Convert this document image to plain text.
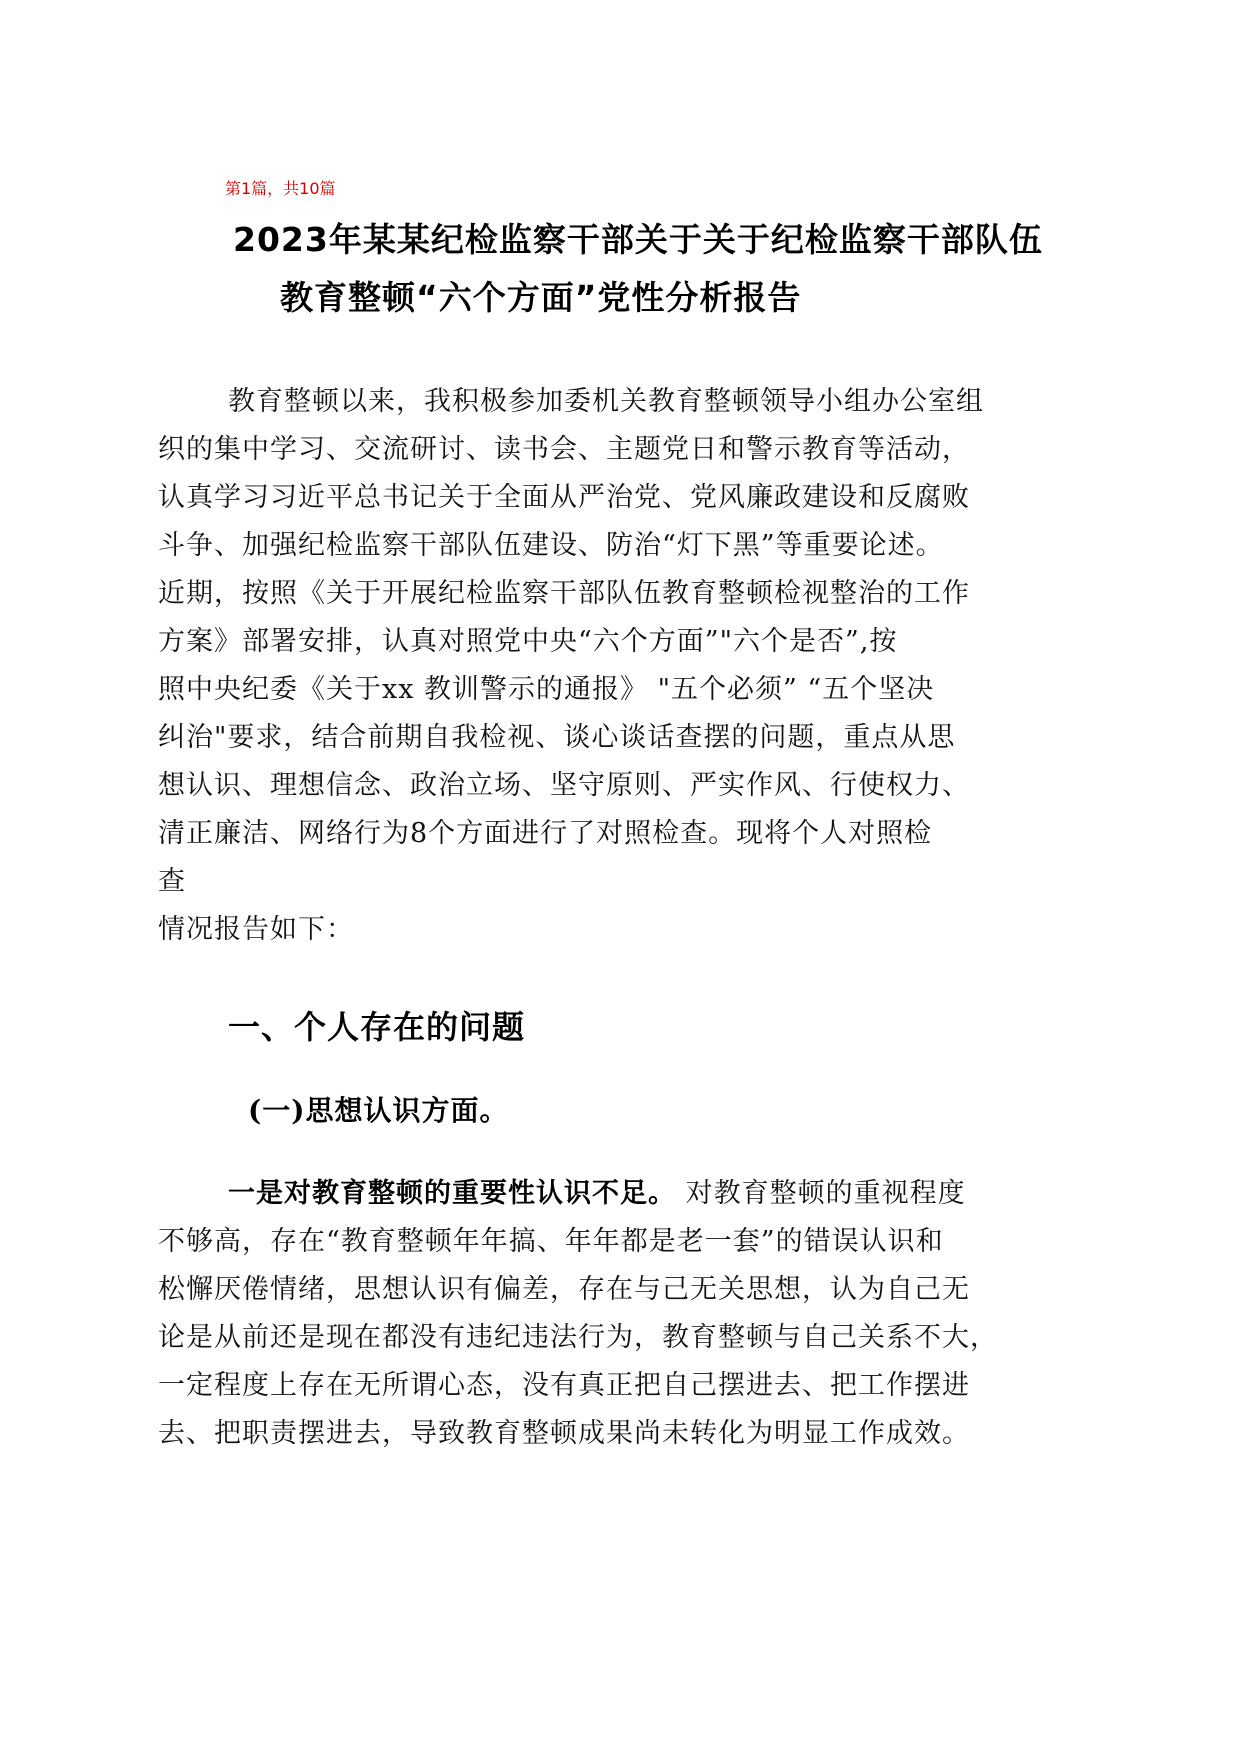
第1篇，共10篇
2023年某某纪检监察干部关于关于纪检监察干部队伍
教育整顿“六个方面”党性分析报告
教育整顿以来，我积极参加委机关教育整顿领导小组办公室组
织的集中学习、交流研讨、读书会、主题党日和警示教育等活动，
认真学习习近平总书记关于全面从严治党、党风廉政建设和反腐败
斗争、加强纪检监察干部队伍建设、防治“灯下黑”等重要论述。
近期，按照《关于开展纪检监察干部队伍教育整顿检视整治的工作
方案》部署安排，认真对照党中央“六个方面”"六个是否”,按
照中央纪委《关于xx 教训警示的通报》 "五个必须” “五个坚决
纠治"要求，结合前期自我检视、谈心谈话查摆的问题，重点从思
想认识、理想信念、政治立场、坚守原则、严实作风、行使权力、
清正廉洁、网络行为8个方面进行了对照检查。现将个人对照检
查
情况报告如下：
一、个人存在的问题
(一)思想认识方面。
一是对教育整顿的重要性认识不足。 对教育整顿的重视程度
不够高，存在“教育整顿年年搞、年年都是老一套”的错误认识和
松懈厌倦情绪，思想认识有偏差，存在与己无关思想，认为自己无
论是从前还是现在都没有违纪违法行为，教育整顿与自己关系不大，
一定程度上存在无所谓心态，没有真正把自己摆进去、把工作摆进
去、把职责摆进去，导致教育整顿成果尚未转化为明显工作成效。
